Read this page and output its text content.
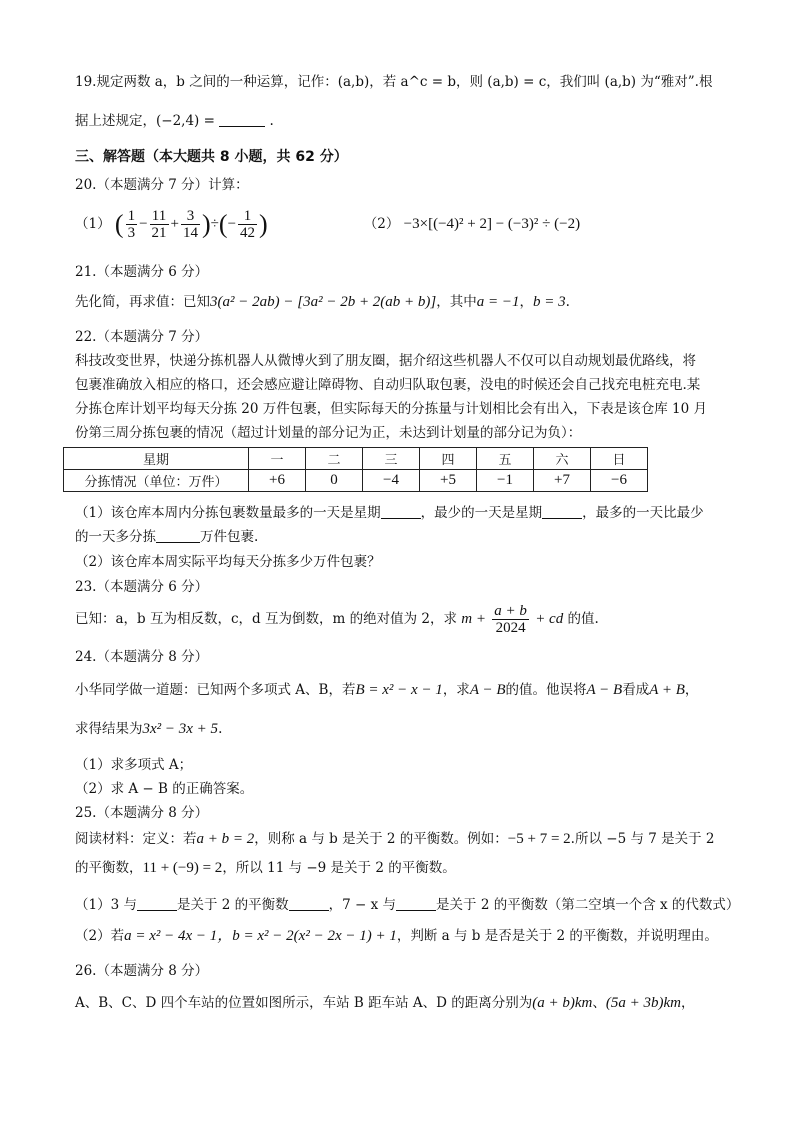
19.规定两数 a，b 之间的一种运算，记作：(a,b)，若 a^c = b，则 (a,b) = c，我们叫 (a,b) 为“雅对”.根
据上述规定，(−2,4) =	.
三、解答题（本大题共 8 小题，共 62 分）
20.（本题满分 7 分）计算：
（1） ( $\frac{1}{3} - \frac{11}{21} + \frac{3}{14}$ )÷(− $\frac{1}{42}$ )	（2） −3×[(−4)² + 2] − (−3)² ÷ (−2)
21.（本题满分 6 分）
先化简，再求值：已知3(a² − 2ab) − [3a² − 2b + 2(ab + b)]，其中a = −1，b = 3.
22.（本题满分 7 分）
科技改变世界，快递分拣机器人从微博火到了朋友圈，据介绍这些机器人不仅可以自动规划最优路线，将
包裹准确放入相应的格口，还会感应避让障碍物、自动归队取包裹，没电的时候还会自己找充电桩充电.某
分拣仓库计划平均每天分拣 20 万件包裹，但实际每天的分拣量与计划相比会有出入，下表是该仓库 10 月
份第三周分拣包裹的情况（超过计划量的部分记为正，未达到计划量的部分记为负）：
星期	一	二	三	四	五	六	日
分拣情况（单位：万件）	+6	0	−4	+5	−1	+7	−6
（1）该仓库本周内分拣包裹数量最多的一天是星期	，最少的一天是星期	，最多的一天比最少
的一天多分拣	万件包裹.
（2）该仓库本周实际平均每天分拣多少万件包裹？
23.（本题满分 6 分）
已知：a，b 互为相反数，c，d 互为倒数，m 的绝对值为 2，求 $m + \frac{a + b}{2024}$ + cd 的值.
24.（本题满分 8 分）
小华同学做一道题：已知两个多项式 A、B，若B = x² − x − 1，求A − B的值。他误将A − B看成A + B，
求得结果为3x² − 3x + 5.
（1）求多项式 A；
（2）求 A − B 的正确答案。
25.（本题满分 8 分）
阅读材料：定义：若a + b = 2，则称 a 与 b 是关于 2 的平衡数。例如：−5 + 7 = 2.所以 −5 与 7 是关于 2
的平衡数，11 + (−9) = 2，所以 11 与 −9 是关于 2 的平衡数。
（1）3 与	是关于 2 的平衡数	，7 − x 与	是关于 2 的平衡数（第二空填一个含 x 的代数式）
（2）若a = x² − 4x − 1，b = x² − 2(x² − 2x − 1) + 1，判断 a 与 b 是否是关于 2 的平衡数，并说明理由。
26.（本题满分 8 分）
A、B、C、D 四个车站的位置如图所示，车站 B 距车站 A、D 的距离分别为(a + b)km、(5a + 3b)km，
